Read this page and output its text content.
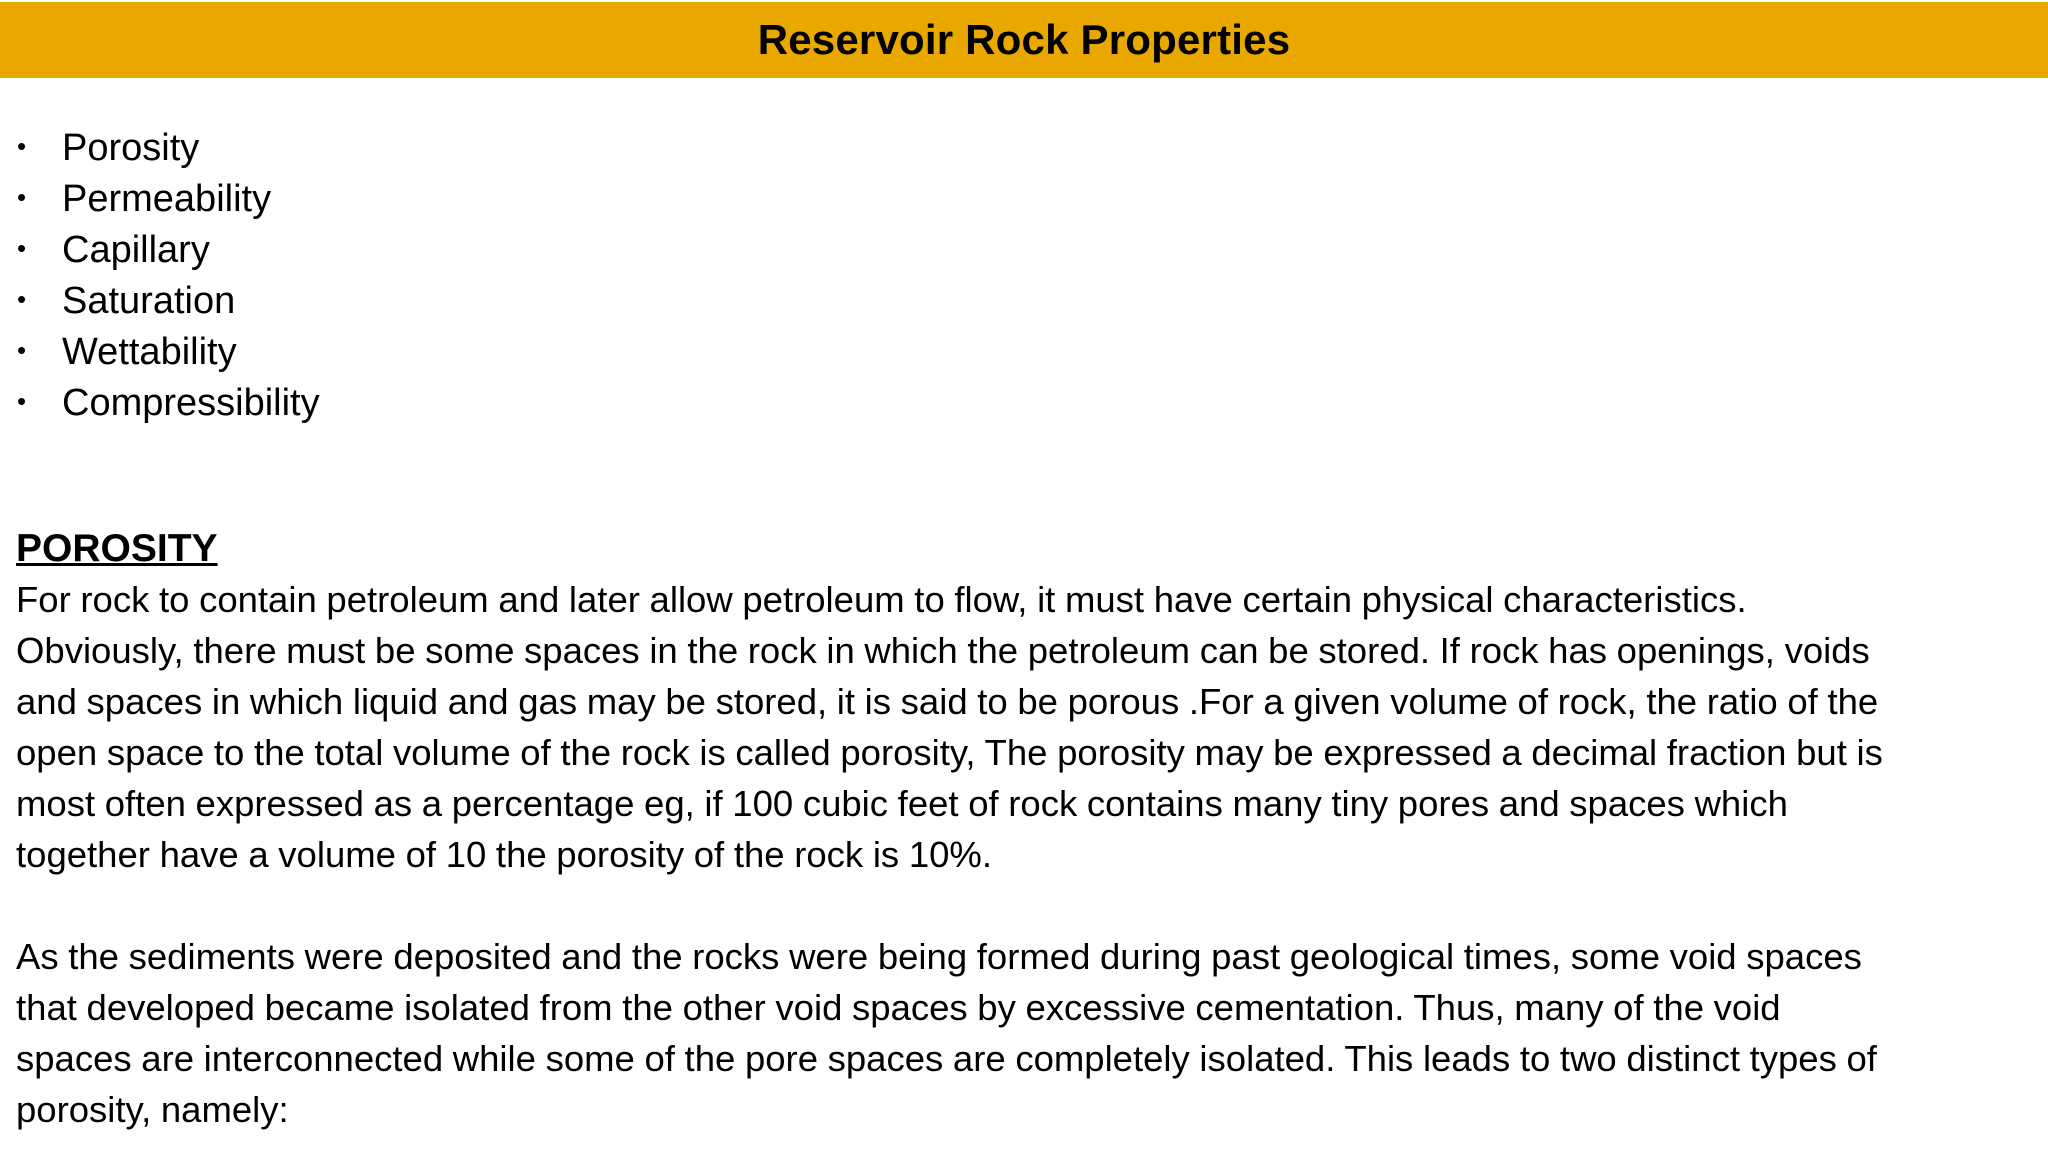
Reservoir Rock Properties
• Porosity
• Permeability
• Capillary
• Saturation
• Wettability
• Compressibility
POROSITY

For rock to contain petroleum and later allow petroleum to flow, it must have certain physical characteristics.
Obviously, there must be some spaces in the rock in which the petroleum can be stored. If rock has openings, voids
and spaces in which liquid and gas may be stored, it is said to be porous .For a given volume of rock, the ratio of the
open space to the total volume of the rock is called porosity, The porosity may be expressed a decimal fraction but is
most often expressed as a percentage eg, if 100 cubic feet of rock contains many tiny pores and spaces which
together have a volume of 10 the porosity of the rock is 10%.

As the sediments were deposited and the rocks were being formed during past geological times, some void spaces
that developed became isolated from the other void spaces by excessive cementation. Thus, many of the void
spaces are interconnected while some of the pore spaces are completely isolated. This leads to two distinct types of
porosity, namely:
